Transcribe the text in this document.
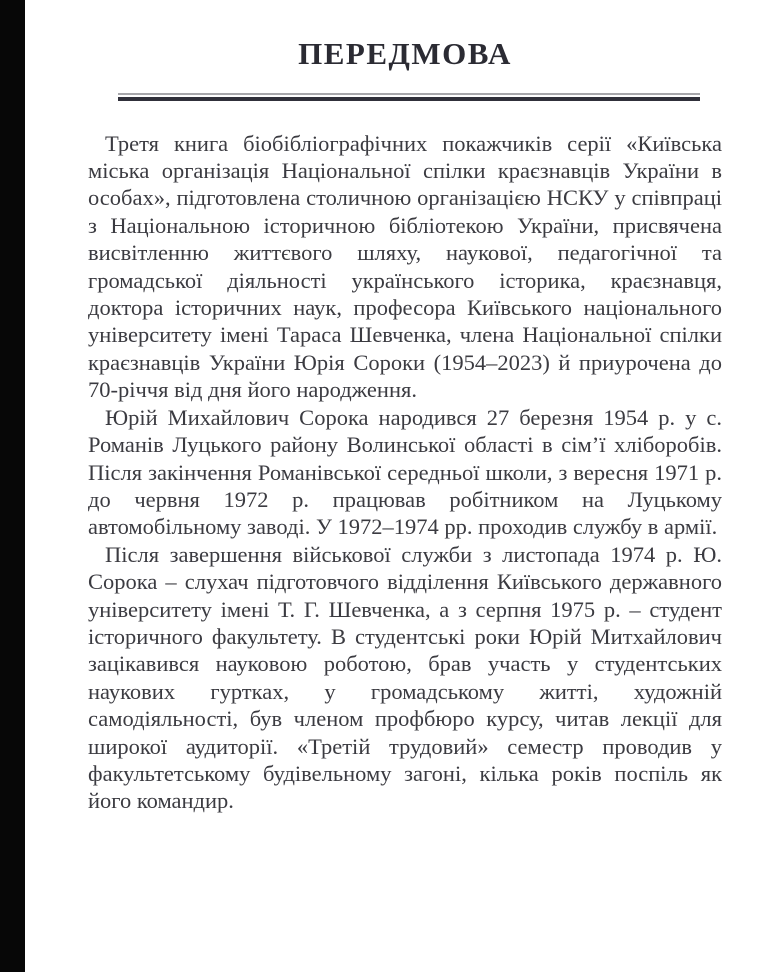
ПЕРЕДМОВА

Третя книга біобібліографічних покажчиків серії «Київська міська організація Національної спілки краєзнавців України в особах», підготовлена столичною організацією НСКУ у співпраці з Національною історичною бібліотекою України, присвячена висвітленню життєвого шляху, наукової, педагогічної та громадської діяльності українського історика, краєзнавця, доктора історичних наук, професора Київського національного університету імені Тараса Шевченка, члена Національної спілки краєзнавців України Юрія Сороки (1954–2023) й приурочена до 70-річчя від дня його народження.

Юрій Михайлович Сорока народився 27 березня 1954 р. у с. Романів Луцького району Волинської області в сім’ї хліборобів. Після закінчення Романівської середньої школи, з вересня 1971 р. до червня 1972 р. працював робітником на Луцькому автомобільному заводі. У 1972–1974 рр. проходив службу в армії.

Після завершення військової служби з листопада 1974 р. Ю. Сорока – слухач підготовчого відділення Київського державного університету імені Т. Г. Шевченка, а з серпня 1975 р. – студент історичного факультету. В студентські роки Юрій Митхайлович зацікавився науковою роботою, брав участь у студентських наукових гуртках, у громадському житті, художній самодіяльності, був членом профбюро курсу, читав лекції для широкої аудиторії. «Третій трудовий» семестр проводив у факультетському будівельному загоні, кілька років поспіль як його командир.
